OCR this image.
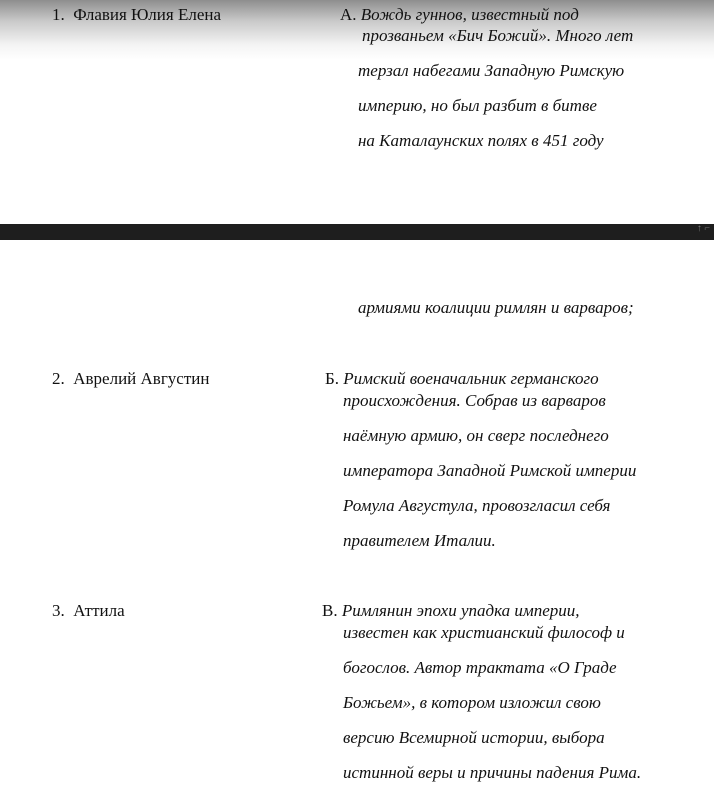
↑ ⌐
1. Флавия Юлия Елена
2. Аврелий Августин
3. Аттила
А. Вождь гуннов, известный под
прозваньем «Бич Божий». Много лет
терзал набегами Западную Римскую
империю, но был разбит в битве
на Каталаунских полях в 451 году
армиями коалиции римлян и варваров;
Б. Римский военачальник германского
происхождения. Собрав из варваров
наёмную армию, он сверг последнего
императора Западной Римской империи
Ромула Августула, провозгласил себя
правителем Италии.
В. Римлянин эпохи упадка империи,
известен как христианский философ и
богослов. Автор трактата «О Граде
Божьем», в котором изложил свою
версию Всемирной истории, выбора
истинной веры и причины падения Рима.
